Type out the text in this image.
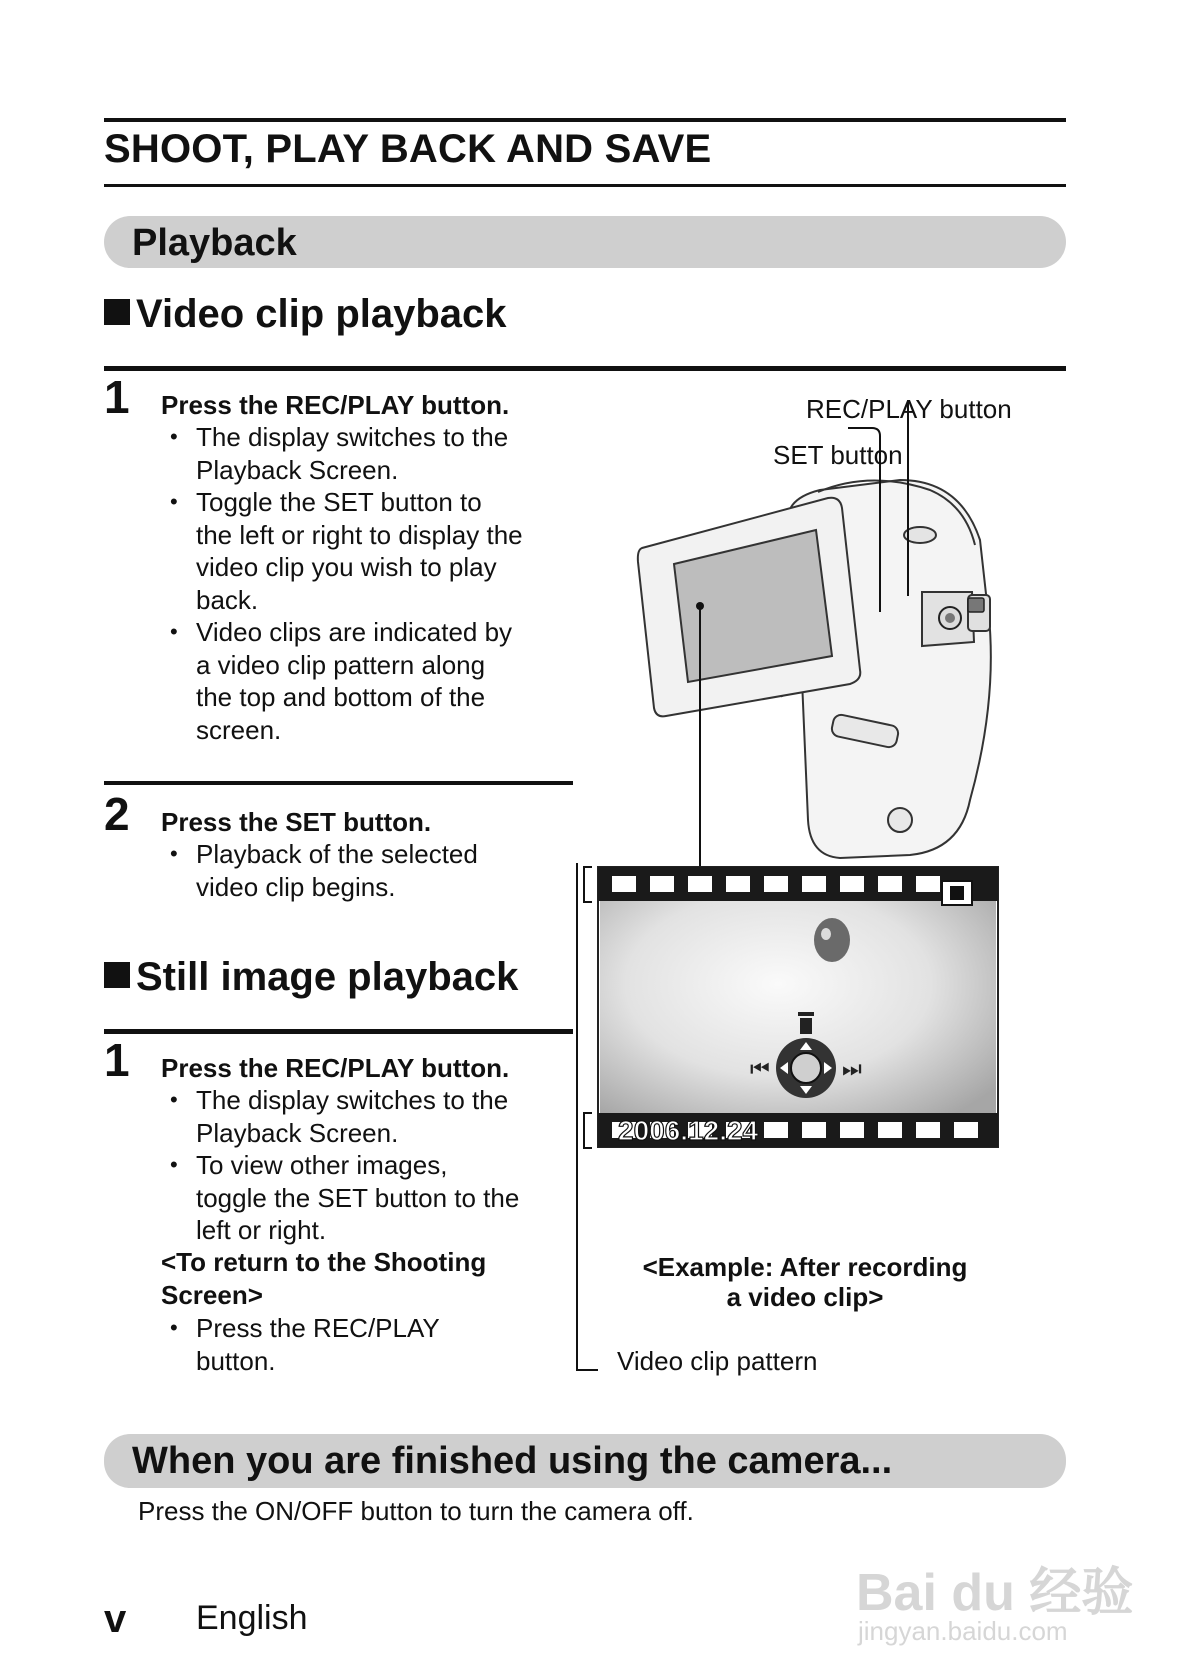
SHOOT, PLAY BACK AND SAVE
Playback
Video clip playback
1 Press the REC/PLAY button.
• The display switches to the
Playback Screen.
• Toggle the SET button to
the left or right to display the
video clip you wish to play
back.
• Video clips are indicated by
a video clip pattern along
the top and bottom of the
screen.
2 Press the SET button.
• Playback of the selected
video clip begins.
Still image playback
1 Press the REC/PLAY button.
• The display switches to the
Playback Screen.
• To view other images,
toggle the SET button to the
left or right.
<To return to the Shooting
Screen>
• Press the REC/PLAY
button.
⏮	⏭
2006.12.24
REC/PLAY button
SET button
<Example: After recording
a video clip>
Video clip pattern
When you are finished using the camera...
Press the ON/OFF button to turn the camera off.
v English	Bai du 经验
jingyan.baidu.com
